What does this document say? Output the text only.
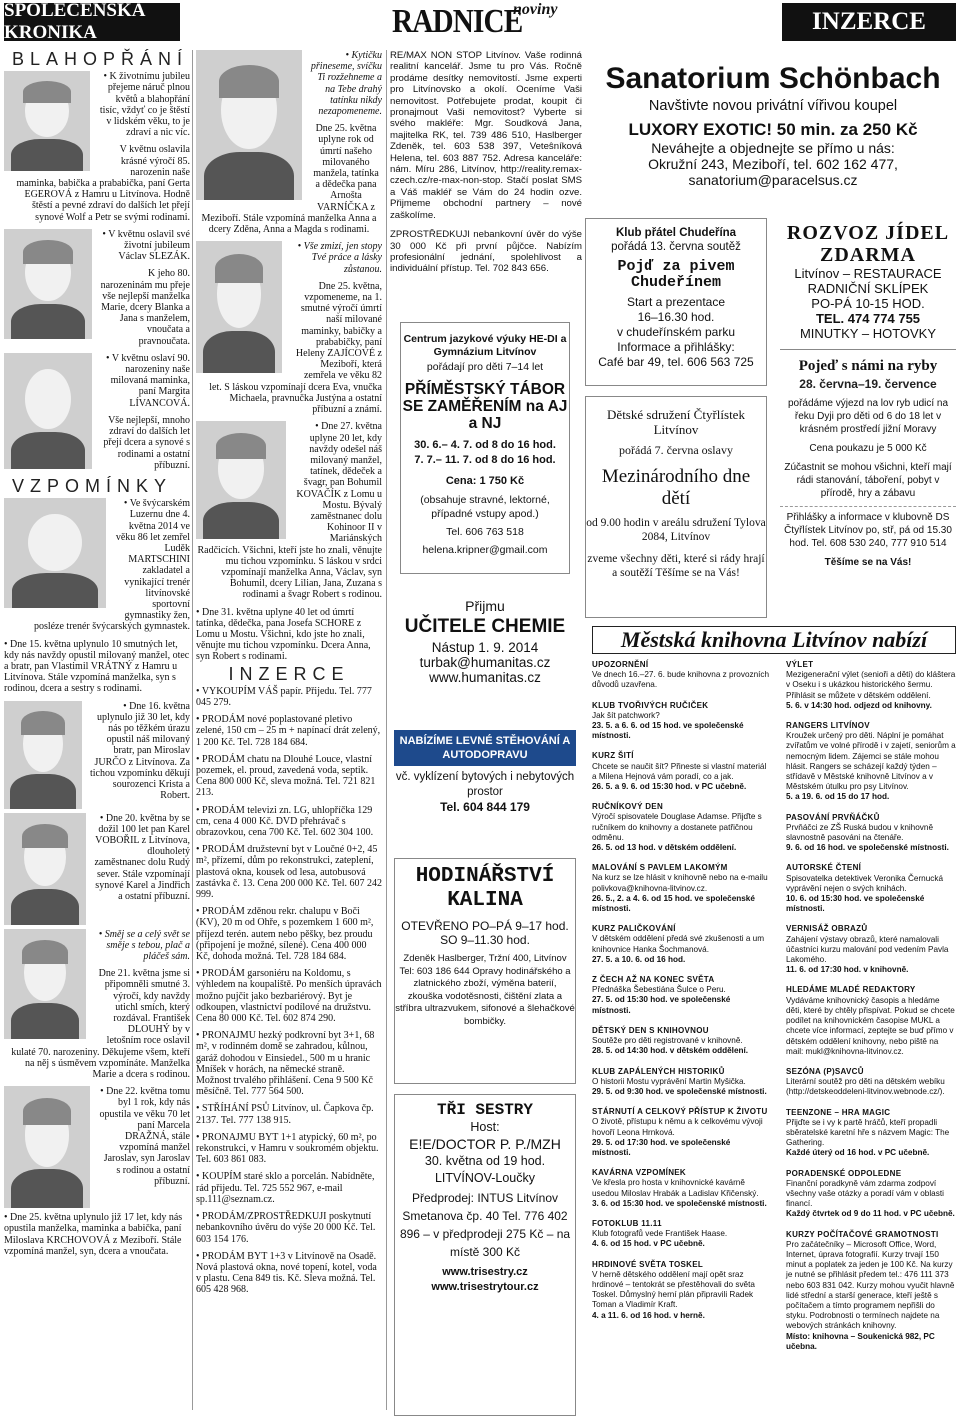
SPOLEČENSKÁ KRONIKA	RADNICE
noviny	INZERCE
BLAHOPŘÁNÍ

• K životnímu jubileu přejeme náruč plnou květů a blahopřání tisíc, vždyť co je štěstí v lidském věku, to je zdraví a nic víc.

V květnu oslavila krásné výročí 85. narozenin naše maminka, babička a prababička, paní Gerta EGEROVÁ z Hamru u Litvínova. Hodně štěstí a pevné zdraví do dalších let přejí synové Wolf a Petr se svými rodinami.

• V květnu oslavil své životní jubileum Václav SLEZÁK.

K jeho 80. narozeninám mu přeje vše nejlepší manželka Marie, dcery Blanka a Jana s manželem, vnoučata a pravnoučata.

• V květnu oslaví 90. narozeniny naše milovaná maminka, paní Margita LÍVANCOVÁ.

Vše nejlepší, mnoho zdraví do dalších let přejí dcera a synové s rodinami a ostatní příbuzní.

VZPOMÍNKY

• Ve švýcarském Luzernu dne 4. května 2014 ve věku 86 let zemřel Luděk MARTSCHINI zakladatel a vynikající trenér litvínovské sportovní gymnastiky žen, posléze trenér švýcarských gymnastek.

• Dne 15. května uplynulo 10 smutných let, kdy nás navždy opustil milovaný manžel, otec a bratr, pan Vlastimil VRÁTNÝ z Hamru u Litvínova. Stále vzpomíná manželka, syn s rodinou, dcera a sestry s rodinami.

• Dne 16. května uplynulo již 30 let, kdy nás po těžkém úrazu opustil náš milovaný bratr, pan Miroslav JURČO z Litvínova. Za tichou vzpomínku děkují sourozenci Krista a Robert.

• Dne 20. května by se dožil 100 let pan Karel VOBOŘIL z Litvínova, dlouholetý zaměstnanec dolu Rudý sever. Stále vzpomínají synové Karel a Jindřich a ostatní příbuzní.

• Směj se a celý svět se směje s tebou, plač a pláčeš sám.

Dne 21. května jsme si připomněli smutné 3. výročí, kdy navždy utichl smích, který rozdával. František DLOUHÝ by v letošním roce oslavil kulaté 70. narozeniny. Děkujeme všem, kteří na něj s úsměvem vzpomínáte. Manželka Marie a dcera s rodinou.

• Dne 22. května tomu byl 1 rok, kdy nás opustila ve věku 70 let paní Marcela DRAŽNÁ, stále vzpomíná manžel Jaroslav, syn Jaroslav s rodinou a ostatní příbuzní.

• Dne 25. května uplynulo již 17 let, kdy nás opustila manželka, maminka a babička, paní Miloslava KRCHOVOVÁ z Meziboří. Stále vzpomíná manžel, syn, dcera a vnoučata.

• Kytičku přineseme, svíčku Ti rozžehneme a na Tebe drahý tatínku nikdy nezapomeneme.

Dne 25. května uplyne rok od úmrtí našeho milovaného manžela, tatínka a dědečka pana Arnošta VARNÍČKA z Meziboří. Stále vzpomíná manželka Anna a dcery Zděna, Anna a Magda s rodinami.

• Vše zmizí, jen stopy Tvé práce a lásky zůstanou.

Dne 25. května, vzpomeneme, na 1. smutné výročí úmrtí naší milované maminky, babičky a prababičky, paní Heleny ZAJÍCOVÉ z Meziboří, která zemřela ve věku 82 let. S láskou vzpomínají dcera Eva, vnučka Michaela, pravnučka Justýna a ostatní příbuzní a známí.

• Dne 27. května uplyne 20 let, kdy navždy odešel náš milovaný manžel, tatínek, dědeček a švagr, pan Bohumil KOVAČÍK z Lomu u Mostu. Bývalý zaměstnanec dolu Kohinoor II v Mariánských Radčicích. Všichni, kteří jste ho znali, věnujte mu tichou vzpomínku. S láskou v srdci vzpomínají manželka Anna, Václav, syn Bohumil, dcery Lilian, Jana, Zuzana s rodinami a švagr Robert s rodinou.

• Dne 31. května uplyne 40 let od úmrtí tatínka, dědečka, pana Josefa SCHORE z Lomu u Mostu. Všichni, kdo jste ho znali, věnujte mu tichou vzpomínku. Dcera Anna, syn Robert s rodinami.

INZERCE

• VYKOUPÍM VÁŠ papír. Přijedu. Tel. 777 045 279.

• PRODÁM nové poplastované pletivo zelené, 150 cm – 25 m + napínací drát zelený, 1 200 Kč. Tel. 728 184 684.

• PRODÁM chatu na Dlouhé Louce, vlastní pozemek, el. proud, zavedená voda, septik. Cena 800 000 Kč, sleva možná. Tel. 721 821 213.

• PRODÁM televizi zn. LG, uhlopříčka 129 cm, cena 4 000 Kč. DVD přehrávač s obrazovkou, cena 700 Kč. Tel. 602 304 100.

• PRODÁM družstevní byt v Loučné 0+2, 45 m², přízemí, dům po rekonstrukci, zateplení, plastová okna, kousek od lesa, autobusová zastávka č. 13. Cena 200 000 Kč. Tel. 607 242 999.

• PRODÁM zděnou rekr. chalupu v Boči (KV), 20 m od Ohře, s pozemkem 1 600 m², příjezd terén. autem nebo pěšky, bez proudu (připojení je možné, sílené). Cena 400 000 Kč, dohoda možná. Tel. 728 184 684.

• PRODÁM garsoniéru na Koldomu, s výhledem na koupaliště. Po menších úpravách možno pujčit jako bezbariérový. Byt je odkoupen, vlastnictví podílové na družstvu. Cena 80 000 Kč. Tel. 602 874 290.

• PRONAJMU hezký podkrovní byt 3+1, 68 m², v rodinném domě se zahradou, kůlnou, garáž dohodou v Einsiedel., 500 m u hranic Mníšek v horách, na německé straně. Možnost trvalého přihlášení. Cena 9 500 Kč měsíčně. Tel. 777 564 500.

• STŘÍHÁNÍ PSŮ Litvínov, ul. Čapkova čp. 2137. Tel. 777 138 915.

• PRONAJMU BYT 1+1 atypický, 60 m², po rekonstrukci, v Hamru v soukromém objektu. Tel. 603 861 083.

• KOUPÍM staré sklo a porcelán. Nabídněte, rád přijedu. Tel. 725 552 967, e-mail sp.111@seznam.cz.

• PRODÁM/ZPROSTŘEDKUJI poskytnutí nebankovního úvěru do výše 20 000 Kč. Tel. 603 154 176.

• PRODÁM BYT 1+3 v Litvínově na Osadě. Nová plastová okna, nové topení, kotel, voda v plastu. Cena 849 tis. Kč. Sleva možná. Tel. 605 428 968.

RE/MAX NON STOP Litvínov. Vaše rodinná realitní kancelář. Jsme tu pro Vás. Ročně prodáme desítky nemovitostí. Jsme experti pro Litvínovsko a okolí. Oceníme Vaši nemovitost. Potřebujete prodat, koupit či pronajmout Vaši nemovitost? Vyberte si svého makléře: Mgr. Soudková Jana, majitelka RK, tel. 739 486 510, Haslberger Zdeněk, tel. 603 538 397, Veteŝníková Helena, tel. 603 887 752. Adresa kanceláře: nám. Míru 286, Litvínov, http://reality.remax-czech.cz/re-max-non-stop. Stačí poslat SMS a Váš makléř se Vám do 24 hodin ozve. Přijmeme obchodní partnery – nové zaškolíme.

ZPROSTŘEDKUJI nebankovní úvěr do výše 30 000 Kč při první půjčce. Nabízím profesionální jednání, spolehlivost a individuální přístup. Tel. 702 843 656.

Sanatorium Schönbach
Navštivte novou privátní vířivou koupel
LUXORY EXOTIC! 50 min. za 250 Kč
Neváhejte a objednejte se přímo u nás:
Okružní 243, Meziboří, tel. 602 162 477,
sanatorium@paracelsus.cz
Centrum jazykové výuky HE-DI a Gymnázium Litvínov
pořádají pro děti 7–14 let
PŘÍMĚSTSKÝ TÁBOR SE ZAMĚŘENÍM na AJ a NJ
30. 6.– 4. 7. od 8 do 16 hod.
7. 7.– 11. 7. od 8 do 16 hod.
Cena: 1 750 Kč
(obsahuje stravné, lektorné, případné vstupy apod.)
Tel. 606 763 518
helena.kripner@gmail.com
Klub přátel Chudeřína
pořádá 13. června soutěž
Pojď za pivem Chudeřínem
Start a prezentace
16–16.30 hod.
v chudeřínském parku
Informace a přihlášky:
Café bar 49, tel. 606 563 725
Dětské sdružení Čtyřlístek Litvínov
pořádá 7. června oslavy
Mezinárodního dne dětí
od 9.00 hodin v areálu sdružení Tylova 2084, Litvínov
zveme všechny děti, které si rády hrají a soutěží Těšíme se na Vás!
ROZVOZ JÍDEL ZDARMA
Litvínov – RESTAURACE RADNIČNÍ SKLÍPEK
PO-PÁ 10-15 HOD.
TEL. 474 774 755
MINUTKY – HOTOVKY
Pojeď s námi na ryby
28. června–19. července
pořádáme výjezd na lov ryb udicí na řeku Dyji pro děti od 6 do 18 let v krásném prostředí jižní Moravy
Cena poukazu je 5 000 Kč
Zúčastnit se mohou všichni, kteří mají rádi stanování, táboření, pobyt v přírodě, hry a zábavu
Přihlášky a informace v klubovně DS Čtyřlístek Litvínov po, stř, pá od 15.30 hod. Tel. 608 530 240, 777 910 514
Těšíme se na Vás!
Přijmu
UČITELE CHEMIE
Nástup 1. 9. 2014
turbak@humanitas.cz
www.humanitas.cz
NABÍZÍME LEVNÉ STĚHOVÁNÍ A AUTODOPRAVU
vč. vyklízení bytových i nebytových prostor
Tel. 604 844 179
HODINÁŘSTVÍ KALINA
OTEVŘENO PO–PÁ 9–17 hod. SO 9–11.30 hod.
Zdeněk Haslberger, Tržní 400, Litvínov Tel: 603 186 644 Opravy hodinářského a zlatnického zboží, výměna baterií, zkouška vodotěsnosti, čištění zlata a stříbra ultrazvukem, sifonové a šlehačkové bombičky.
TŘI SESTRY
Host:
E!E/DOCTOR P. P./MZH
30. května od 19 hod.
LITVÍNOV-Loučky
Předprodej: INTUS Litvínov Smetanova čp. 40 Tel. 776 402 896 – v předprodeji 275 Kč – na místě 300 Kč
www.trisestry.cz
www.trisestrytour.cz
Městská knihovna Litvínov nabízí
UPOZORNĚNÍ
Ve dnech 16.–27. 6. bude knihovna z provozních důvodů uzavřena.
KLUB TVOŘIVÝCH RUČIČEK
Jak šít patchwork?
23. 5. a 6. 6. od 15 hod. ve společenské místnosti.
KURZ ŠITÍ
Chcete se naučit šít? Přineste si vlastní materiál a Milena Hejnová vám poradí, co a jak.
26. 5. a 9. 6. od 15:30 hod. v PC učebně.
RUČNÍKOVÝ DEN
Výročí spisovatele Douglase Adamse. Přijďte s ručníkem do knihovny a dostanete patřičnou odměnu.
26. 5. od 13 hod. v dětském oddělení.
MALOVÁNÍ S PAVLEM LAKOMÝM
Na kurz se lze hlásit v knihovně nebo na e-mailu polivkova@knihovna-litvinov.cz.
26. 5., 2. a 4. 6. od 15 hod. ve společenské místnosti.
KURZ PALIČKOVÁNÍ
V dětském oddělení předá své zkušenosti a um knihovnice Hanka Šochmanová.
27. 5. a 10. 6. od 16 hod.
Z ČECH AŽ NA KONEC SVĚTA
Přednáška Šebestiána Šulce o Peru.
27. 5. od 15:30 hod. ve společenské místnosti.
DĚTSKÝ DEN S KNIHOVNOU
Soutěže pro děti registrované v knihovně.
28. 5. od 14:30 hod. v dětském oddělení.
KLUB ZAPÁLENÝCH HISTORIKŮ
O historii Mostu vyprávění Martin Myšička.
29. 5. od 9:30 hod. ve společenské místnosti.
STÁRNUTÍ A CELKOVÝ PŘÍSTUP K ŽIVOTU
O životě, přístupu k němu a k celkovému vývoji hovoří Leona Hrnková.
29. 5. od 17:30 hod. ve společenské místnosti.
KAVÁRNA VZPOMÍNEK
Ve křesla pro hosta v knihovnické kavárně usedou Miloslav Hrabák a Ladislav Křičenský.
3. 6. od 15:30 hod. ve společenské místnosti.
FOTOKLUB 11.11
Klub fotografů vede František Haase.
4. 6. od 15 hod. v PC učebně.
HRDINOVÉ SVĚTA TOSKEL
V herně dětského oddělení mají opět sraz hrdinové – tentokrát se přestěhovali do světa Toskel. Důmyslný herní plán připravili Radek Toman a Vladimír Kraft.
4. a 11. 6. od 16 hod. v herně.
VÝLET
Mezigenerační výlet (senioři a děti) do kláštera v Oseku i s ukázkou historického šermu. Přihlásit se můžete v dětském oddělení.
5. 6. v 14:30 hod. odjezd od knihovny.
RANGERS LITVÍNOV
Kroužek určený pro děti. Náplní je pomáhat zvířatům ve volné přírodě i v zajetí, seniorům a nemocným lidem. Zájemci se stále mohou hlásit. Rangers se scházejí každý týden – střídavě v Městské knihovně Litvínov a v Městském útulku pro psy Litvínov.
5. a 19. 6. od 15 do 17 hod.
PASOVÁNÍ PRVŇÁČKŮ
Prvňáčci ze ZŠ Ruská budou v knihovně slavnostně pasováni na čtenáře.
9. 6. od 16 hod. ve společenské místnosti.
AUTORSKÉ ČTENÍ
Spisovatelka detektivek Veronika Černucká vyprávění nejen o svých knihách.
10. 6. od 15:30 hod. ve společenské místnosti.
VERNISÁŽ OBRAZŮ
Zahájení výstavy obrazů, které namalovali účastníci kurzu malování pod vedením Pavla Lakomého.
11. 6. od 17:30 hod. v knihovně.
HLEDÁME MLADÉ REDAKTORY
Vydáváme knihovnický časopis a hledáme děti, které by chtěly přispívat. Pokud se chcete podílet na knihovnickém časopise MUKL a chcete více informací, zeptejte se buď přímo v dětském oddělení knihovny, nebo piště na mail: mukl@knihovna-litvinov.cz.
SEZÓNA (P)SAVCŮ
Literární soutěž pro děti na dětském webíku (http://detskeoddeleni-litvinov.webnode.cz/).
TEENZONE – HRA MAGIC
Přijďte se i vy k partě hráčů, kteří propadli sběratelské karetní hře s názvem Magic: The Gathering.
Každé úterý od 16 hod. v PC učebně.
PORADENSKÉ ODPOLEDNE
Finanční poradkyně vám zdarma zodpoví všechny vaše otázky a poradí vám v oblasti financí.
Každý čtvrtek od 9 do 11 hod. v PC učebně.
KURZY POČÍTAČOVÉ GRAMOTNOSTI
Pro začátečníky – Microsoft Office, Word, Internet, úprava fotografií. Kurzy trvají 150 minut a poplatek za jeden je 100 Kč. Na kurzy je nutné se přihlásit předem tel.: 476 111 373 nebo 603 831 042. Kurzy mohou vyučit hlavně lidé střední a starší generace, kteří ještě s počítačem a tímto programem nepřišli do styku. Podrobnosti o termínech najdete na webových stránkách knihovny.
Místo: knihovna – Soukenická 982, PC učebna.
